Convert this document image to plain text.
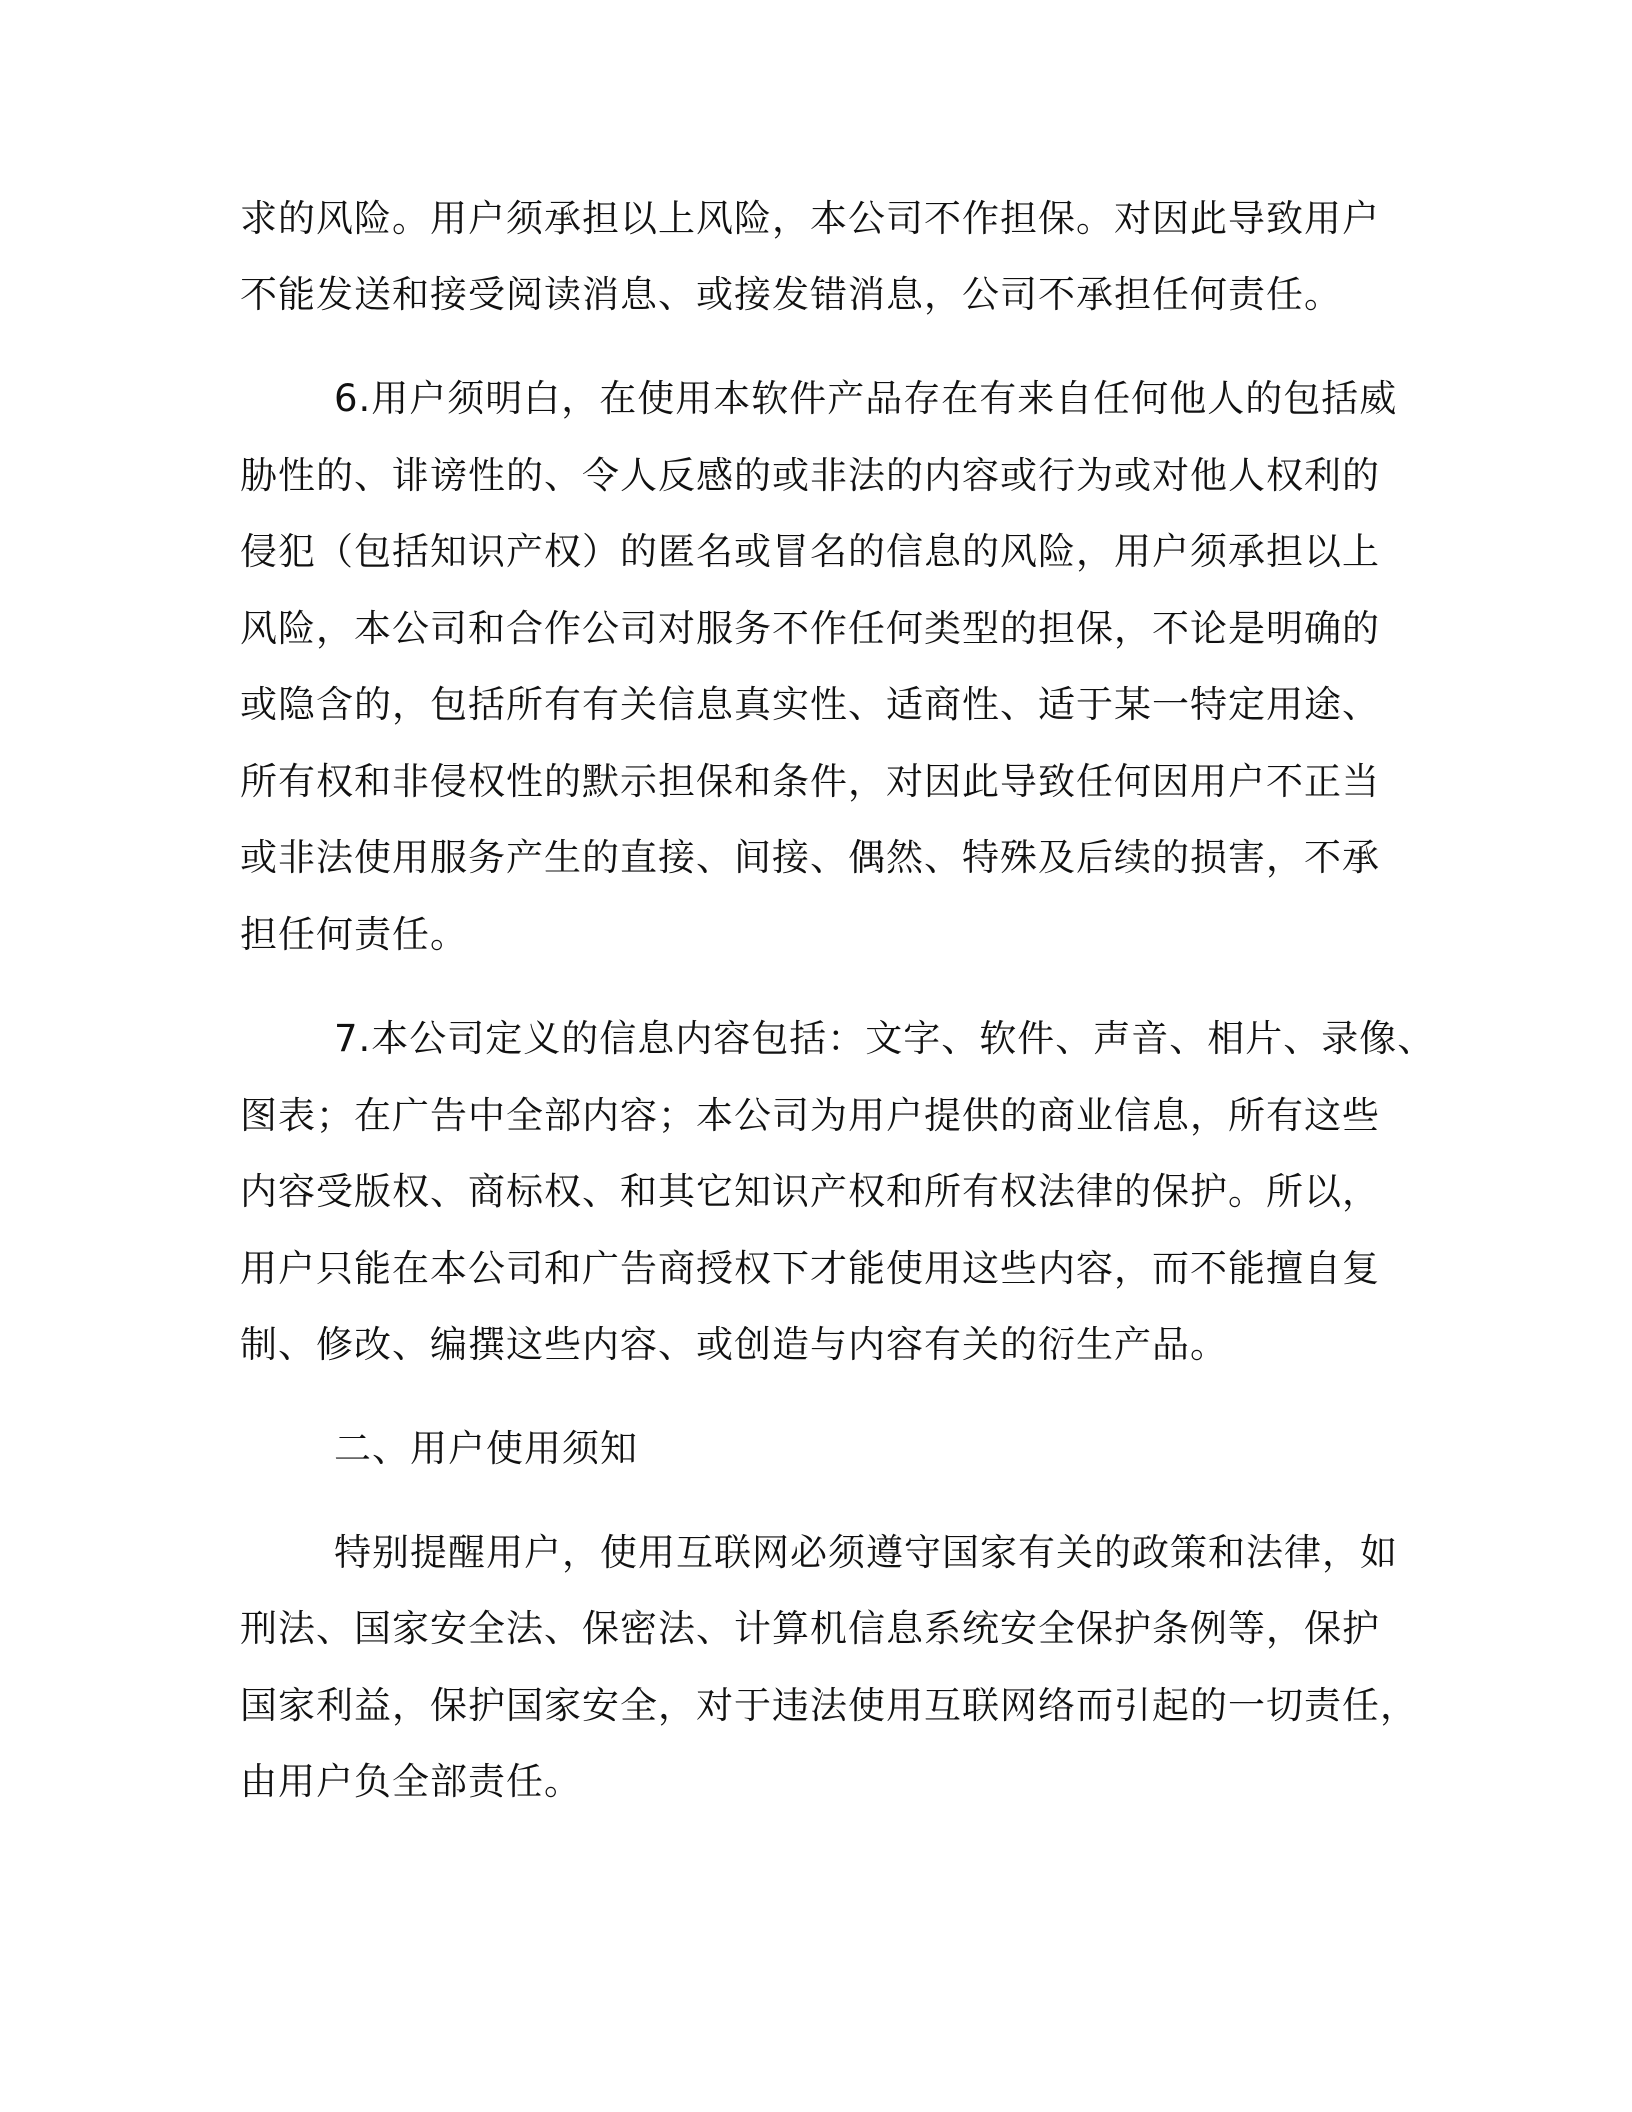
求的风险。用户须承担以上风险，本公司不作担保。对因此导致用户

不能发送和接受阅读消息、或接发错消息，公司不承担任何责任。

6.用户须明白，在使用本软件产品存在有来自任何他人的包括威

胁性的、诽谤性的、令人反感的或非法的内容或行为或对他人权利的

侵犯（包括知识产权）的匿名或冒名的信息的风险，用户须承担以上

风险，本公司和合作公司对服务不作任何类型的担保，不论是明确的

或隐含的，包括所有有关信息真实性、适商性、适于某一特定用途、

所有权和非侵权性的默示担保和条件，对因此导致任何因用户不正当

或非法使用服务产生的直接、间接、偶然、特殊及后续的损害，不承

担任何责任。

7.本公司定义的信息内容包括：文字、软件、声音、相片、录像、

图表；在广告中全部内容；本公司为用户提供的商业信息，所有这些

内容受版权、商标权、和其它知识产权和所有权法律的保护。所以，

用户只能在本公司和广告商授权下才能使用这些内容，而不能擅自复

制、修改、编撰这些内容、或创造与内容有关的衍生产品。

二、用户使用须知

特别提醒用户，使用互联网必须遵守国家有关的政策和法律，如

刑法、国家安全法、保密法、计算机信息系统安全保护条例等，保护

国家利益，保护国家安全，对于违法使用互联网络而引起的一切责任，

由用户负全部责任。
